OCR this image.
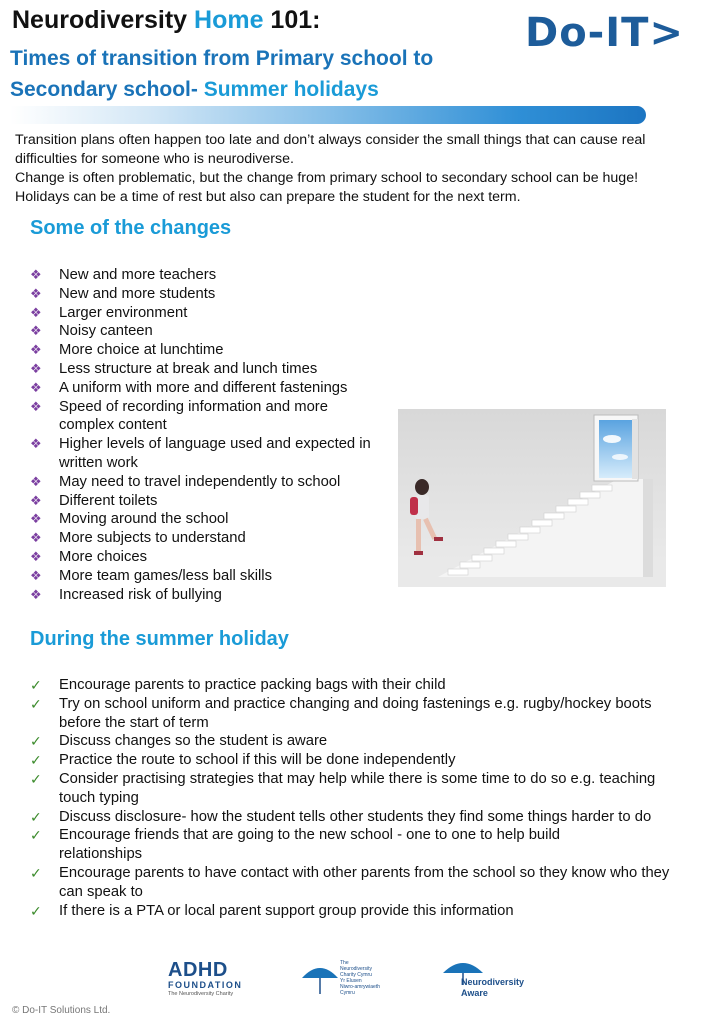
Neurodiversity Home 101:
Times of transition from Primary school to
Secondary school- Summer holidays
Do-IT>

Transition plans often happen too late and don’t always consider the small things that can cause real difficulties for someone who is neurodiverse.

Change is often problematic, but the change from primary school to secondary school can be huge! Holidays can be a time of rest but also can prepare the student for the next term.

Some of the changes
❖ New and more teachers
❖ New and more students
❖ Larger environment
❖ Noisy canteen
❖ More choice at lunchtime
❖ Less structure at break and lunch times
❖ A uniform with more and different fastenings
❖ Speed of recording information and more complex content
❖ Higher levels of language used and expected in written work
❖ May need to travel independently to school
❖ Different toilets
❖ Moving around the school
❖ More subjects to understand
❖ More choices
❖ More team games/less ball skills
❖ Increased risk of bullying
During the summer holiday
✓ Encourage parents to practice packing bags with their child
✓ Try on school uniform and practice changing and doing fastenings e.g. rugby/hockey boots before the start of term
✓ Discuss changes so the student is aware
✓ Practice the route to school if this will be done independently
✓ Consider practising strategies that may help while there is some time to do so e.g. teaching touch typing
✓ Discuss disclosure- how the student tells other students they find some things harder to do
✓ Encourage friends that are going to the new school - one to one to help build relationships
✓ Encourage parents to have contact with other parents from the school so they know who they can speak to
✓ If there is a PTA or local parent support group provide this information
ADHD
FOUNDATION
The Neurodiversity Charity
The
Neurodiversity
Charity Cymru
Yr Elusen
Niwro-amrywiaeth
Cymru
Neurodiversity
Aware
© Do-IT Solutions Ltd.
